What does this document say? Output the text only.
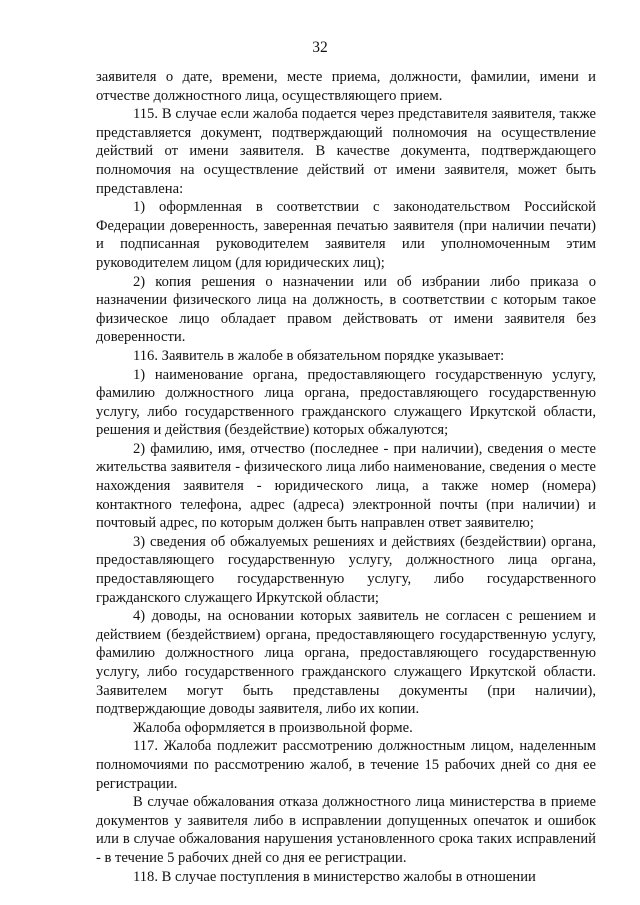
32

заявителя о дате, времени, месте приема, должности, фамилии, имени и отчестве должностного лица, осуществляющего прием.

115. В случае если жалоба подается через представителя заявителя, также представляется документ, подтверждающий полномочия на осуществление действий от имени заявителя. В качестве документа, подтверждающего полномочия на осуществление действий от имени заявителя, может быть представлена:

1) оформленная в соответствии с законодательством Российской Федерации доверенность, заверенная печатью заявителя (при наличии печати) и подписанная руководителем заявителя или уполномоченным этим руководителем лицом (для юридических лиц);

2) копия решения о назначении или об избрании либо приказа о назначении физического лица на должность, в соответствии с которым такое физическое лицо обладает правом действовать от имени заявителя без доверенности.

116. Заявитель в жалобе в обязательном порядке указывает:

1) наименование органа, предоставляющего государственную услугу, фамилию должностного лица органа, предоставляющего государственную услугу, либо государственного гражданского служащего Иркутской области, решения и действия (бездействие) которых обжалуются;

2) фамилию, имя, отчество (последнее - при наличии), сведения о месте жительства заявителя - физического лица либо наименование, сведения о месте нахождения заявителя - юридического лица, а также номер (номера) контактного телефона, адрес (адреса) электронной почты (при наличии) и почтовый адрес, по которым должен быть направлен ответ заявителю;

3) сведения об обжалуемых решениях и действиях (бездействии) органа, предоставляющего государственную услугу, должностного лица органа, предоставляющего государственную услугу, либо государственного гражданского служащего Иркутской области;

4) доводы, на основании которых заявитель не согласен с решением и действием (бездействием) органа, предоставляющего государственную услугу, фамилию должностного лица органа, предоставляющего государственную услугу, либо государственного гражданского служащего Иркутской области. Заявителем могут быть представлены документы (при наличии), подтверждающие доводы заявителя, либо их копии.

Жалоба оформляется в произвольной форме.

117. Жалоба подлежит рассмотрению должностным лицом, наделенным полномочиями по рассмотрению жалоб, в течение 15 рабочих дней со дня ее регистрации.

В случае обжалования отказа должностного лица министерства в приеме документов у заявителя либо в исправлении допущенных опечаток и ошибок или в случае обжалования нарушения установленного срока таких исправлений - в течение 5 рабочих дней со дня ее регистрации.

118. В случае поступления в министерство жалобы в отношении
